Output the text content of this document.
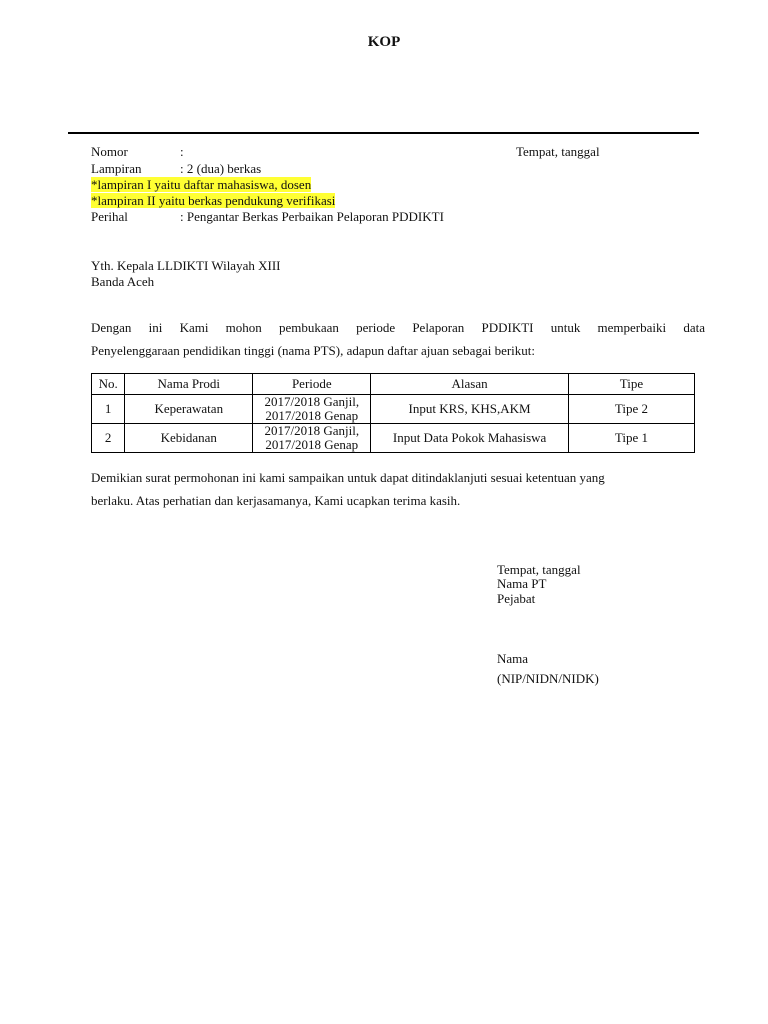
KOP
Nomor	:	Tempat, tanggal
Lampiran	: 2 (dua) berkas
*lampiran I yaitu daftar mahasiswa, dosen
*lampiran II yaitu berkas pendukung verifikasi
Perihal	: Pengantar Berkas Perbaikan Pelaporan PDDIKTI
Yth. Kepala LLDIKTI Wilayah XIII
Banda Aceh
Dengan ini Kami mohon pembukaan periode Pelaporan PDDIKTI untuk memperbaiki data
Penyelenggaraan pendidikan tinggi (nama PTS), adapun daftar ajuan sebagai berikut:
No.	Nama Prodi	Periode	Alasan	Tipe
1	Keperawatan	2017/2018 Ganjil,
2017/2018 Genap	Input KRS, KHS,AKM	Tipe 2
2	Kebidanan	2017/2018 Ganjil,
2017/2018 Genap	Input Data Pokok Mahasiswa	Tipe 1
Demikian surat permohonan ini kami sampaikan untuk dapat ditindaklanjuti sesuai ketentuan yang
berlaku. Atas perhatian dan kerjasamanya, Kami ucapkan terima kasih.
Tempat, tanggal
Nama PT
Pejabat
Nama
(NIP/NIDN/NIDK)
